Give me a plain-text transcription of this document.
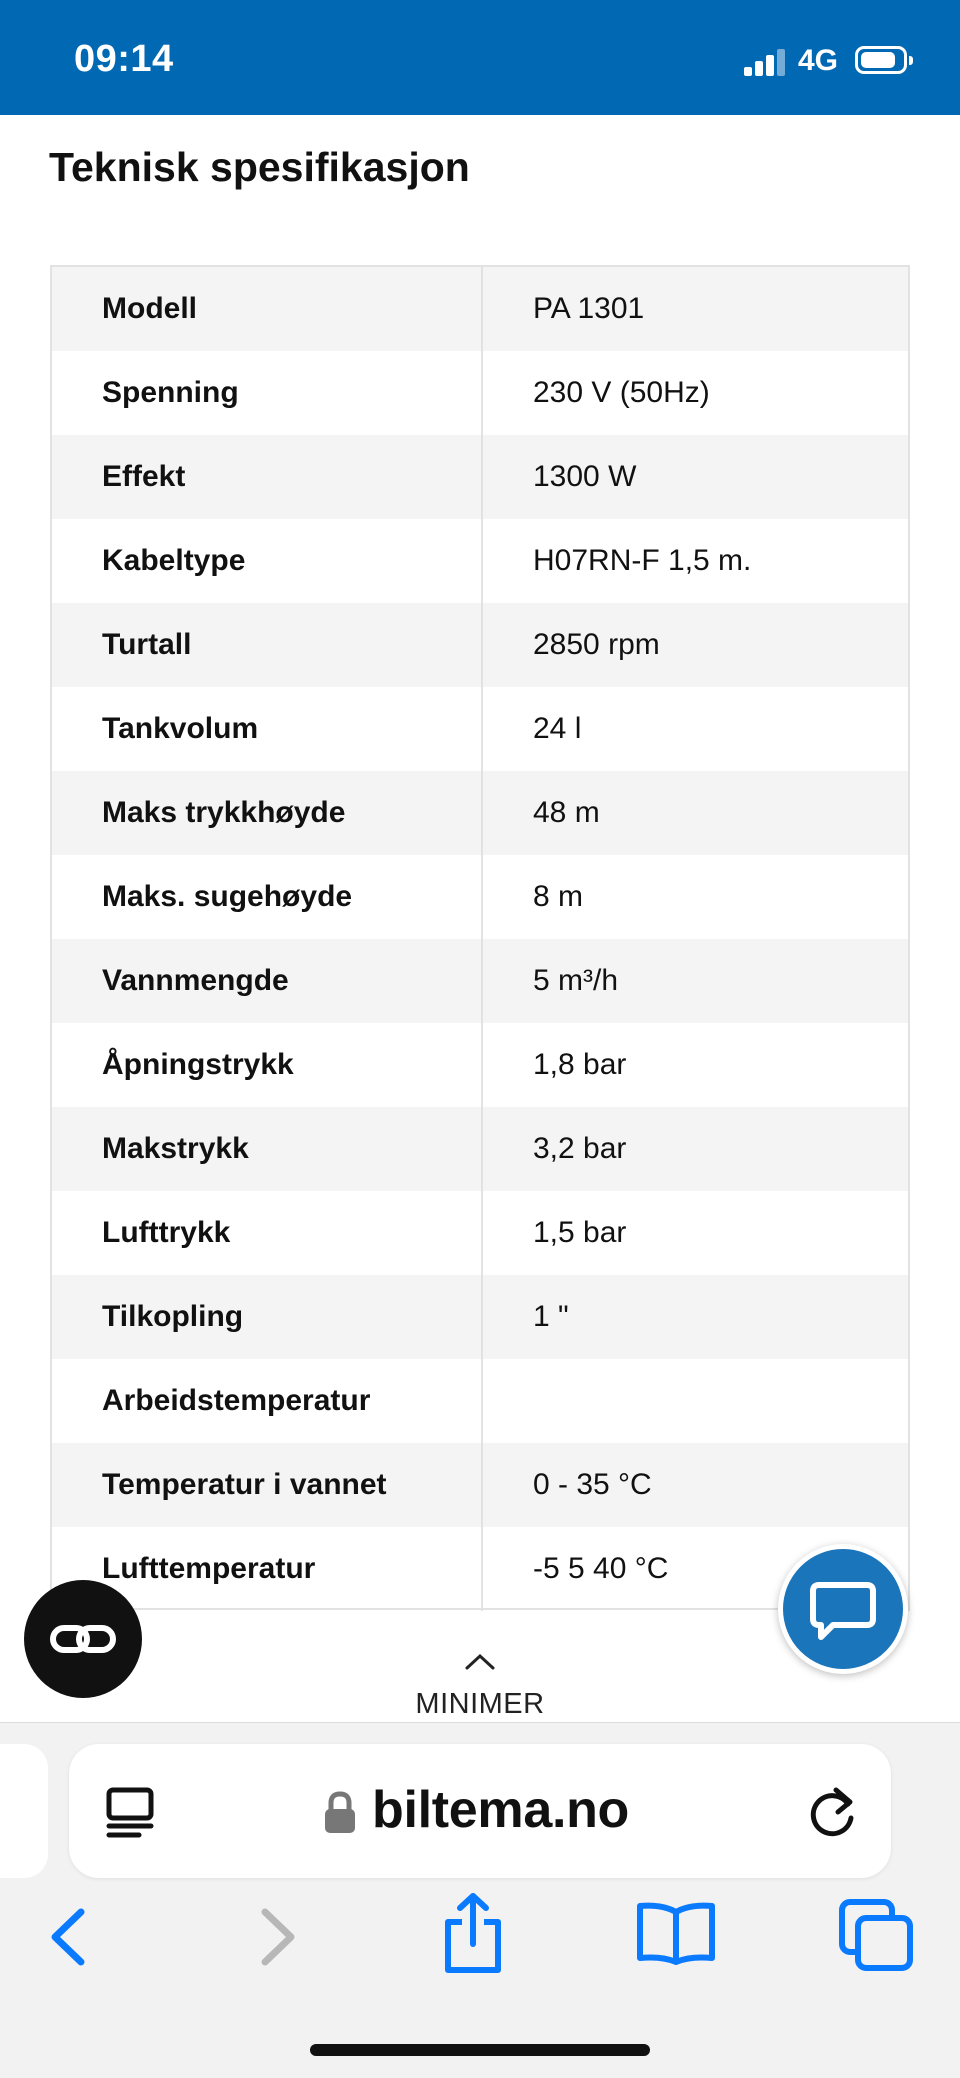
09:14	4G
Teknisk spesifikasjon
Modell	PA 1301
Spenning	230 V (50Hz)
Effekt	1300 W
Kabeltype	H07RN-F 1,5 m.
Turtall	2850 rpm
Tankvolum	24 l
Maks trykkhøyde	48 m
Maks. sugehøyde	8 m
Vannmengde	5 m³/h
Åpningstrykk	1,8 bar
Makstrykk	3,2 bar
Lufttrykk	1,5 bar
Tilkopling	1 "
Arbeidstemperatur
Temperatur i vannet	0 - 35 °C
Lufttemperatur	-5 5 40 °C
MINIMER
biltema.no
